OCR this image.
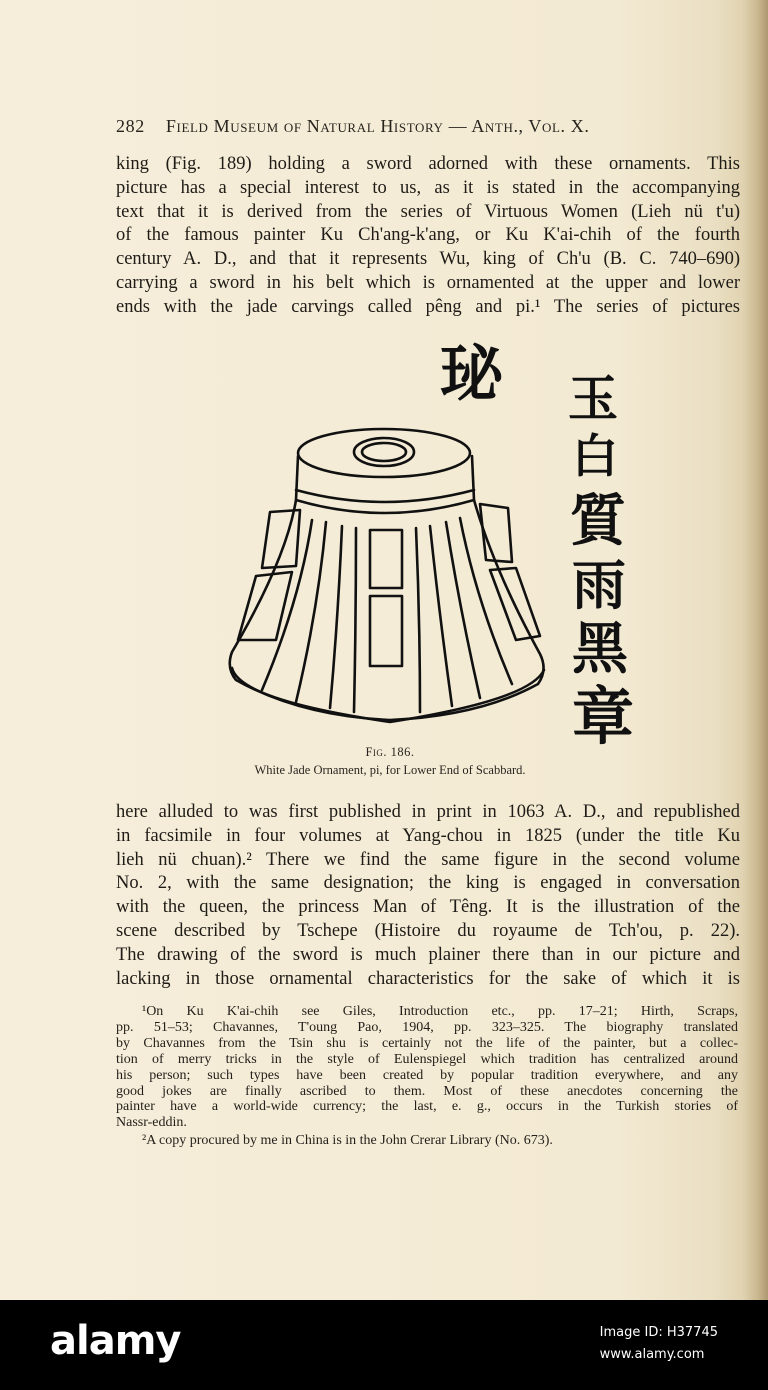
282 Field Museum of Natural History — Anth., Vol. X.
king (Fig. 189) holding a sword adorned with these ornaments. This
picture has a special interest to us, as it is stated in the accompanying
text that it is derived from the series of Virtuous Women (Lieh nü t'u)
of the famous painter Ku Ch'ang-k'ang, or Ku K'ai-chih of the fourth
century A. D., and that it represents Wu, king of Ch'u (B. C. 740–690)
carrying a sword in his belt which is ornamented at the upper and lower
ends with the jade carvings called pêng and pi.¹ The series of pictures
珌 玉
白
質
雨
黑
章
Fig. 186.
White Jade Ornament, pi, for Lower End of Scabbard.
here alluded to was first published in print in 1063 A. D., and republished
in facsimile in four volumes at Yang-chou in 1825 (under the title Ku
lieh nü chuan).² There we find the same figure in the second volume
No. 2, with the same designation; the king is engaged in conversation
with the queen, the princess Man of Têng. It is the illustration of the
scene described by Tschepe (Histoire du royaume de Tch'ou, p. 22).
The drawing of the sword is much plainer there than in our picture and
lacking in those ornamental characteristics for the sake of which it is
¹On Ku K'ai-chih see Giles, Introduction etc., pp. 17–21; Hirth, Scraps,
pp. 51–53; Chavannes, T'oung Pao, 1904, pp. 323–325. The biography translated
by Chavannes from the Tsin shu is certainly not the life of the painter, but a collec-
tion of merry tricks in the style of Eulenspiegel which tradition has centralized around
his person; such types have been created by popular tradition everywhere, and any
good jokes are finally ascribed to them. Most of these anecdotes concerning the
painter have a world-wide currency; the last, e. g., occurs in the Turkish stories of
Nassr-eddin.
²A copy procured by me in China is in the John Crerar Library (No. 673).
alamy	Image ID: H37745
www.alamy.com
